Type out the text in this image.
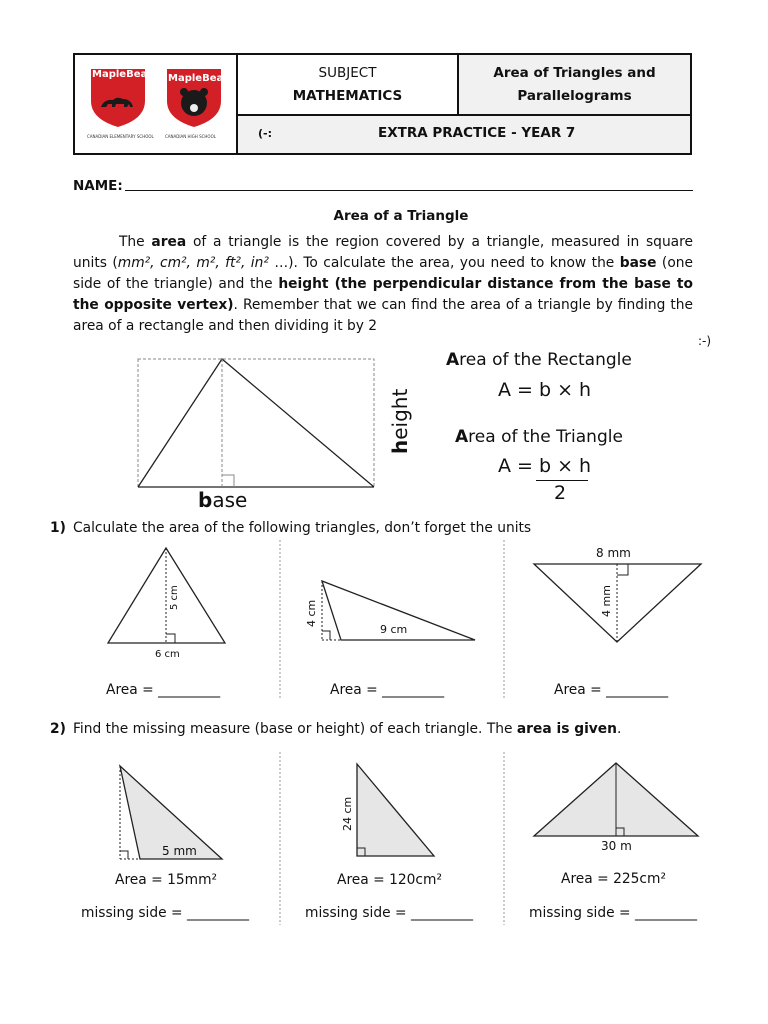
MapleBear MapleBear
CANADIAN ELEMENTARY SCHOOL	CANADIAN HIGH SCHOOL
SUBJECT
MATHEMATICS
Area of Triangles and
Parallelograms
(-:	EXTRA PRACTICE - YEAR 7
NAME:
Area of a Triangle

The area of a triangle is the region covered by a triangle, measured in square units (mm², cm², m², ft², in² …). To calculate the area, you need to know the base (one side of the triangle) and the height (the perpendicular distance from the base to the opposite vertex). Remember that we can find the area of a triangle by finding the area of a rectangle and then dividing it by 2

:-)
height
base
Area of the Rectangle
A = b × h
Area of the Triangle
A = b × h
2
1) Calculate the area of the following triangles, don’t forget the units
5 cm
6 cm
4 cm
9 cm
8 mm
4 mm
Area = _________	Area = _________	Area = _________
2) Find the missing measure (base or height) of each triangle. The area is given.
5 mm
24 cm
30 m
Area = 15mm²	Area = 120cm²	Area = 225cm²
missing side = _________	missing side = _________	missing side = _________
